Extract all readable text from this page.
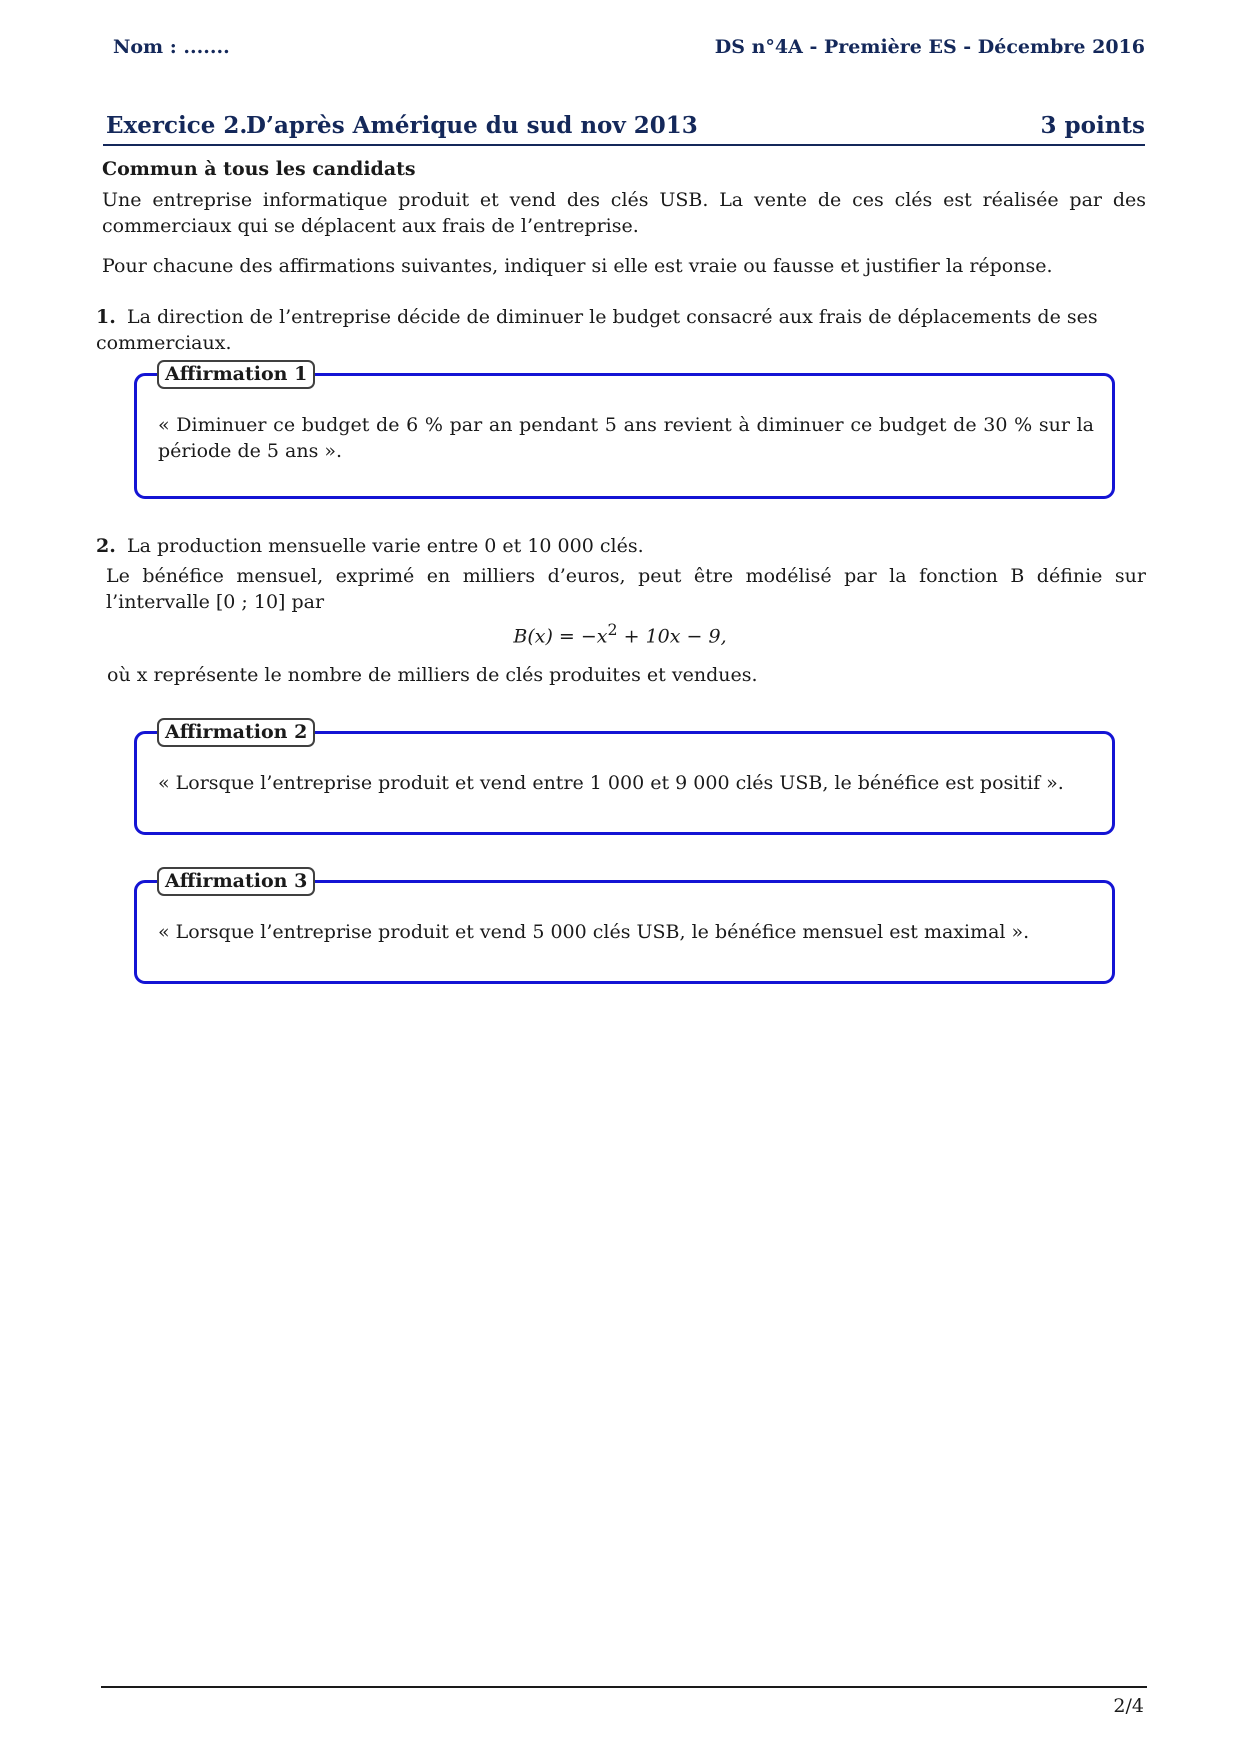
Nom : .......	DS n°4A - Première ES - Décembre 2016
Exercice 2.
D’après Amérique du sud nov 2013	3 points
Commun à tous les candidats
Une entreprise informatique produit et vend des clés USB. La vente de ces clés est réalisée par des commerciaux qui se déplacent aux frais de l’entreprise.
Pour chacune des affirmations suivantes, indiquer si elle est vraie ou fausse et justifier la réponse.
1. La direction de l’entreprise décide de diminuer le budget consacré aux frais de déplacements de ses commerciaux.
Affirmation 1
« Diminuer ce budget de 6 % par an pendant 5 ans revient à diminuer ce budget de 30 % sur la période de 5 ans ».
2. La production mensuelle varie entre 0 et 10 000 clés.
Le bénéfice mensuel, exprimé en milliers d’euros, peut être modélisé par la fonction B définie sur l’intervalle [0 ; 10] par
$B(x) = -x^2 + 10x - 9$,
où x représente le nombre de milliers de clés produites et vendues.
Affirmation 2
« Lorsque l’entreprise produit et vend entre 1 000 et 9 000 clés USB, le bénéfice est positif ».
Affirmation 3
« Lorsque l’entreprise produit et vend 5 000 clés USB, le bénéfice mensuel est maximal ».
2/4
